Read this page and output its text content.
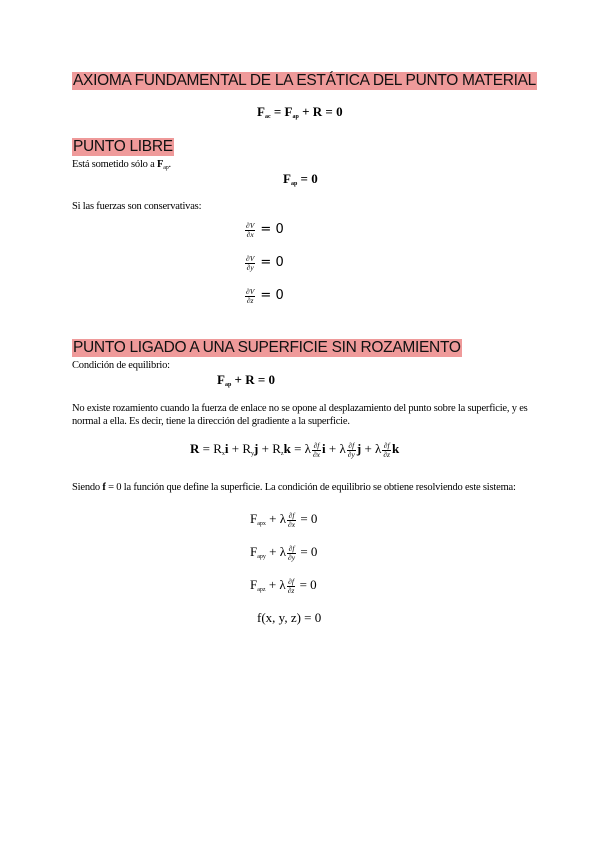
AXIOMA FUNDAMENTAL DE LA ESTÁTICA DEL PUNTO MATERIAL
$F_{ac} = F_{ap} + R = 0$
PUNTO LIBRE
Está sometido sólo a $F_{ap}$.
$F_{ap} = 0$
Si las fuerzas son conservativas:
$\frac{\partial V}{\partial x} = 0$
$\frac{\partial V}{\partial y} = 0$
$\frac{\partial V}{\partial z} = 0$
PUNTO LIGADO A UNA SUPERFICIE SIN ROZAMIENTO
Condición de equilibrio:
$F_{ap} + R = 0$
No existe rozamiento cuando la fuerza de enlace no se opone al desplazamiento del punto sobre la superficie, y es normal a ella. Es decir, tiene la dirección del gradiente a la superficie.
$R = R_xi + R_yj + R_zk = \lambda \frac{\partial f}{\partial x}$ i + λ $\frac{\partial f}{\partial y}$ j + λ $\frac{\partial f}{\partial z}$ k
Siendo f = 0 la función que define la superficie. La condición de equilibrio se obtiene resolviendo este sistema:
$F_{apx} + \lambda \frac{\partial f}{\partial x} = 0$
$F_{apy} + \lambda \frac{\partial f}{\partial y} = 0$
$F_{apz} + \lambda \frac{\partial f}{\partial z} = 0$
f(x, y, z) = 0
